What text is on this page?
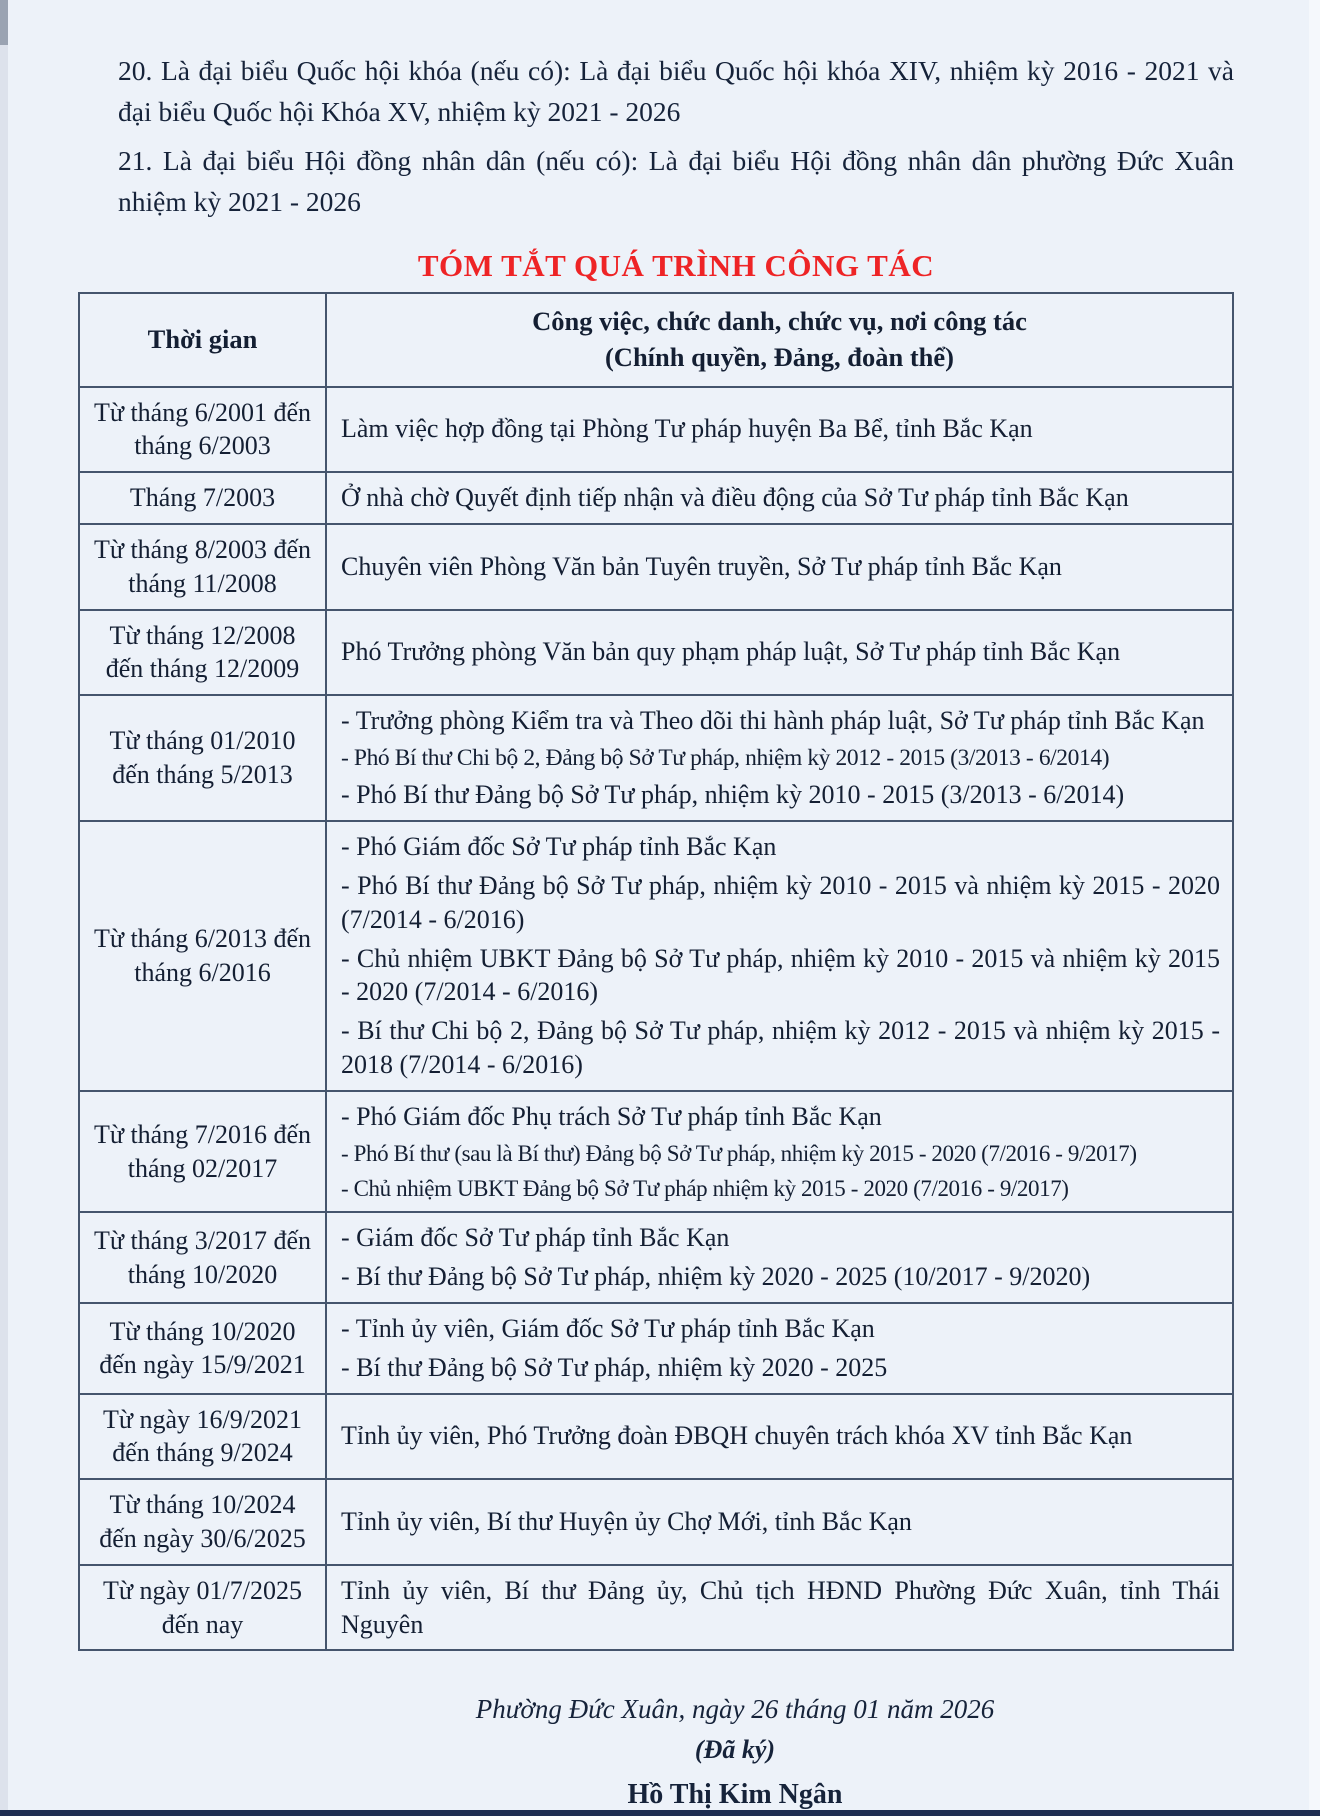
20. Là đại biểu Quốc hội khóa (nếu có): Là đại biểu Quốc hội khóa XIV, nhiệm kỳ 2016 - 2021 và đại biểu Quốc hội Khóa XV, nhiệm kỳ 2021 - 2026

21. Là đại biểu Hội đồng nhân dân (nếu có): Là đại biểu Hội đồng nhân dân phường Đức Xuân nhiệm kỳ 2021 - 2026

TÓM TẮT QUÁ TRÌNH CÔNG TÁC
Thời gian	Công việc, chức danh, chức vụ, nơi công tác
(Chính quyền, Đảng, đoàn thể)

Từ tháng 6/2001 đến tháng 6/2003	Làm việc hợp đồng tại Phòng Tư pháp huyện Ba Bể, tỉnh Bắc Kạn

Tháng 7/2003	Ở nhà chờ Quyết định tiếp nhận và điều động của Sở Tư pháp tỉnh Bắc Kạn

Từ tháng 8/2003 đến tháng 11/2008	Chuyên viên Phòng Văn bản Tuyên truyền, Sở Tư pháp tỉnh Bắc Kạn

Từ tháng 12/2008 đến tháng 12/2009	Phó Trưởng phòng Văn bản quy phạm pháp luật, Sở Tư pháp tỉnh Bắc Kạn

Từ tháng 01/2010 đến tháng 5/2013	- Trưởng phòng Kiểm tra và Theo dõi thi hành pháp luật, Sở Tư pháp tỉnh Bắc Kạn
- Phó Bí thư Chi bộ 2, Đảng bộ Sở Tư pháp, nhiệm kỳ 2012 - 2015 (3/2013 - 6/2014)
- Phó Bí thư Đảng bộ Sở Tư pháp, nhiệm kỳ 2010 - 2015 (3/2013 - 6/2014)

Từ tháng 6/2013 đến tháng 6/2016	- Phó Giám đốc Sở Tư pháp tỉnh Bắc Kạn
- Phó Bí thư Đảng bộ Sở Tư pháp, nhiệm kỳ 2010 - 2015 và nhiệm kỳ 2015 - 2020 (7/2014 - 6/2016)
- Chủ nhiệm UBKT Đảng bộ Sở Tư pháp, nhiệm kỳ 2010 - 2015 và nhiệm kỳ 2015 - 2020 (7/2014 - 6/2016)
- Bí thư Chi bộ 2, Đảng bộ Sở Tư pháp, nhiệm kỳ 2012 - 2015 và nhiệm kỳ 2015 - 2018 (7/2014 - 6/2016)

Từ tháng 7/2016 đến tháng 02/2017	- Phó Giám đốc Phụ trách Sở Tư pháp tỉnh Bắc Kạn
- Phó Bí thư (sau là Bí thư) Đảng bộ Sở Tư pháp, nhiệm kỳ 2015 - 2020 (7/2016 - 9/2017)
- Chủ nhiệm UBKT Đảng bộ Sở Tư pháp nhiệm kỳ 2015 - 2020 (7/2016 - 9/2017)

Từ tháng 3/2017 đến tháng 10/2020	- Giám đốc Sở Tư pháp tỉnh Bắc Kạn
- Bí thư Đảng bộ Sở Tư pháp, nhiệm kỳ 2020 - 2025 (10/2017 - 9/2020)

Từ tháng 10/2020 đến ngày 15/9/2021	- Tỉnh ủy viên, Giám đốc Sở Tư pháp tỉnh Bắc Kạn
- Bí thư Đảng bộ Sở Tư pháp, nhiệm kỳ 2020 - 2025

Từ ngày 16/9/2021 đến tháng 9/2024	Tỉnh ủy viên, Phó Trưởng đoàn ĐBQH chuyên trách khóa XV tỉnh Bắc Kạn

Từ tháng 10/2024 đến ngày 30/6/2025	Tỉnh ủy viên, Bí thư Huyện ủy Chợ Mới, tỉnh Bắc Kạn

Từ ngày 01/7/2025 đến nay	Tỉnh ủy viên, Bí thư Đảng ủy, Chủ tịch HĐND Phường Đức Xuân, tỉnh Thái Nguyên
Phường Đức Xuân, ngày 26 tháng 01 năm 2026
(Đã ký)
Hồ Thị Kim Ngân
